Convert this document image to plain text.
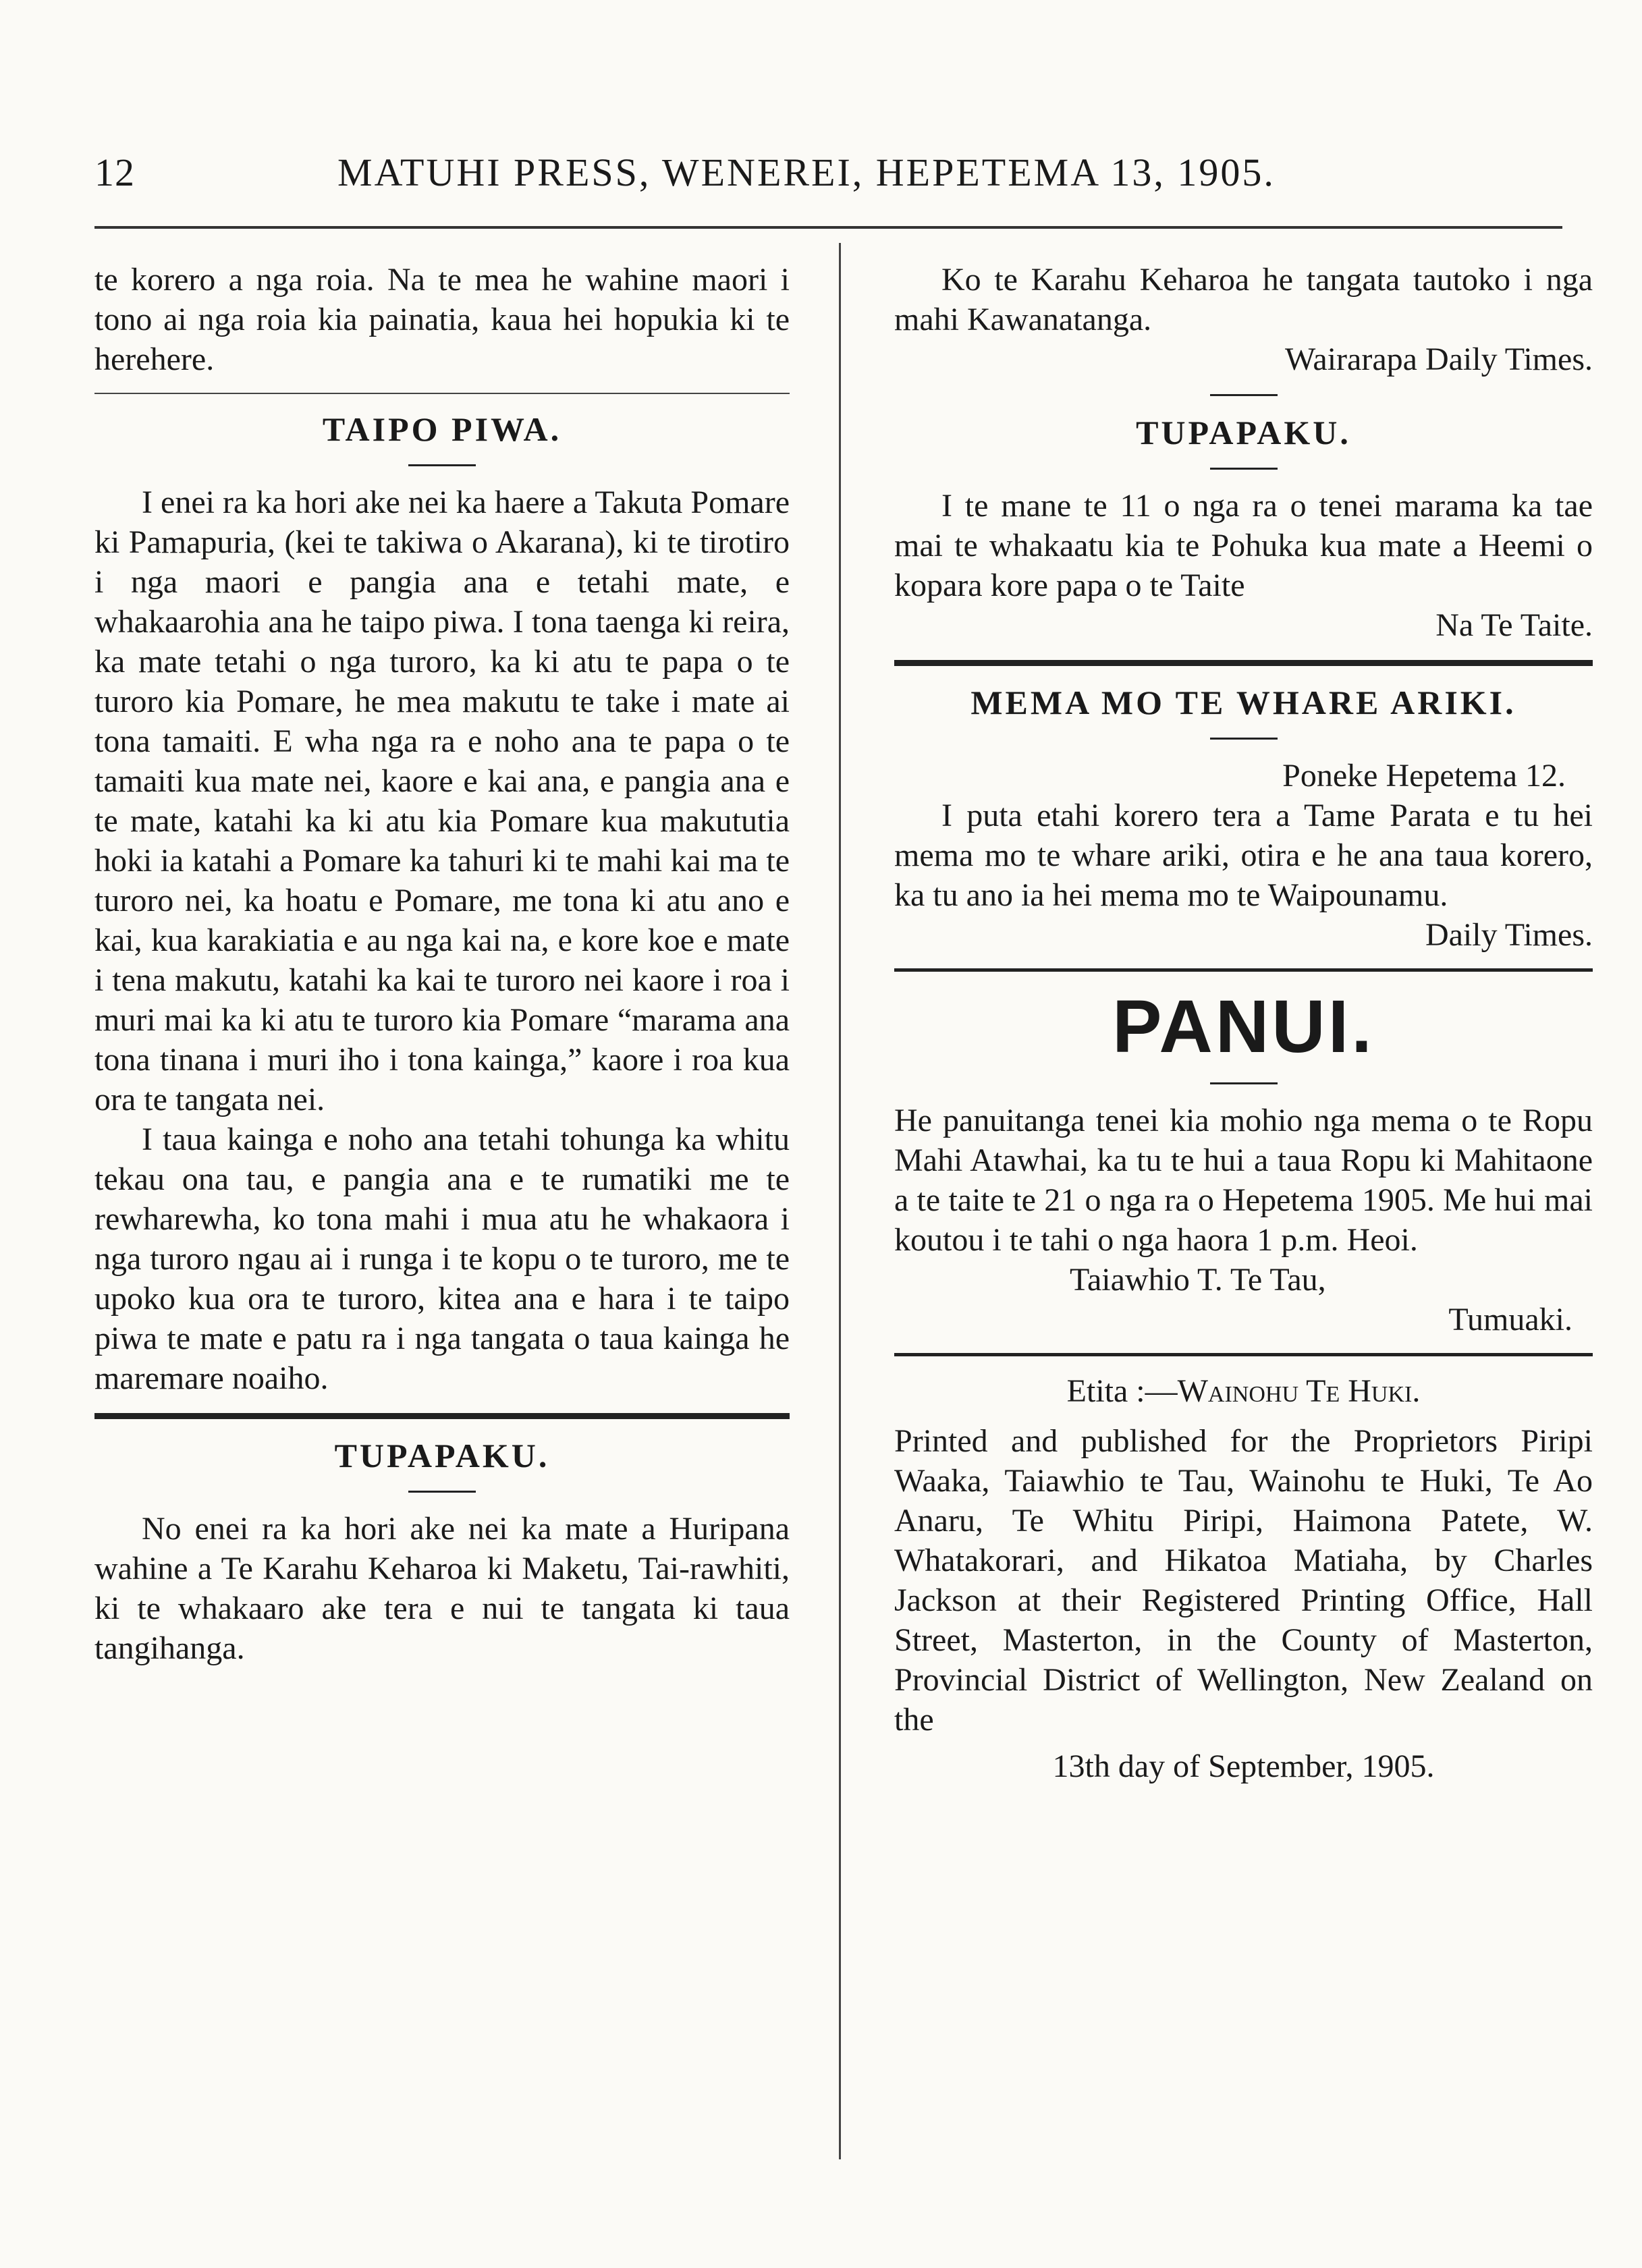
12	MATUHI PRESS, WENEREI, HEPETEMA 13, 1905.

te korero a nga roia. Na te mea he wahine maori i tono ai nga roia kia painatia, kaua hei hopukia ki te herehere.

TAIPO PIWA.

I enei ra ka hori ake nei ka haere a Takuta Pomare ki Pamapuria, (kei te takiwa o Akarana), ki te tirotiro i nga maori e pangia ana e tetahi mate, e whakaarohia ana he taipo piwa. I tona taenga ki reira, ka mate tetahi o nga turoro, ka ki atu te papa o te turoro kia Pomare, he mea makutu te take i mate ai tona tamaiti. E wha nga ra e noho ana te papa o te tamaiti kua mate nei, kaore e kai ana, e pangia ana e te mate, katahi ka ki atu kia Pomare kua makututia hoki ia katahi a Pomare ka tahuri ki te mahi kai ma te turoro nei, ka hoatu e Pomare, me tona ki atu ano e kai, kua karakiatia e au nga kai na, e kore koe e mate i tena makutu, katahi ka kai te turoro nei kaore i roa i muri mai ka ki atu te turoro kia Pomare “marama ana tona tinana i muri iho i tona kainga,” kaore i roa kua ora te tangata nei.

I taua kainga e noho ana tetahi tohunga ka whitu tekau ona tau, e pangia ana e te rumatiki me te rewharewha, ko tona mahi i mua atu he whakaora i nga turoro ngau ai i runga i te kopu o te turoro, me te upoko kua ora te turoro, kitea ana e hara i te taipo piwa te mate e patu ra i nga tangata o taua kainga he maremare noaiho.

TUPAPAKU.

No enei ra ka hori ake nei ka mate a Huripana wahine a Te Karahu Keharoa ki Maketu, Tai-rawhiti, ki te whakaaro ake tera e nui te tangata ki taua tangihanga.

Ko te Karahu Keharoa he tangata tautoko i nga mahi Kawanatanga.

Wairarapa Daily Times.
TUPAPAKU.

I te mane te 11 o nga ra o tenei marama ka tae mai te whakaatu kia te Pohuka kua mate a Heemi o kopara kore papa o te Taite

Na Te Taite.
MEMA MO TE WHARE ARIKI.
Poneke Hepetema 12.

I puta etahi korero tera a Tame Parata e tu hei mema mo te whare ariki, otira e he ana taua korero, ka tu ano ia hei mema mo te Waipounamu.

Daily Times.
PANUI.

He panuitanga tenei kia mohio nga mema o te Ropu Mahi Atawhai, ka tu te hui a taua Ropu ki Mahitaone a te taite te 21 o nga ra o Hepetema 1905. Me hui mai koutou i te tahi o nga haora 1 p.m. Heoi.

Taiawhio T. Te Tau,
Tumuaki.
Etita :—Wainohu Te Huki.

Printed and published for the Proprietors Piripi Waaka, Taiawhio te Tau, Wainohu te Huki, Te Ao Anaru, Te Whitu Piripi, Haimona Patete, W. Whatakorari, and Hikatoa Matiaha, by Charles Jackson at their Registered Printing Office, Hall Street, Masterton, in the County of Masterton, Provincial District of Wellington, New Zealand on the

13th day of September, 1905.
